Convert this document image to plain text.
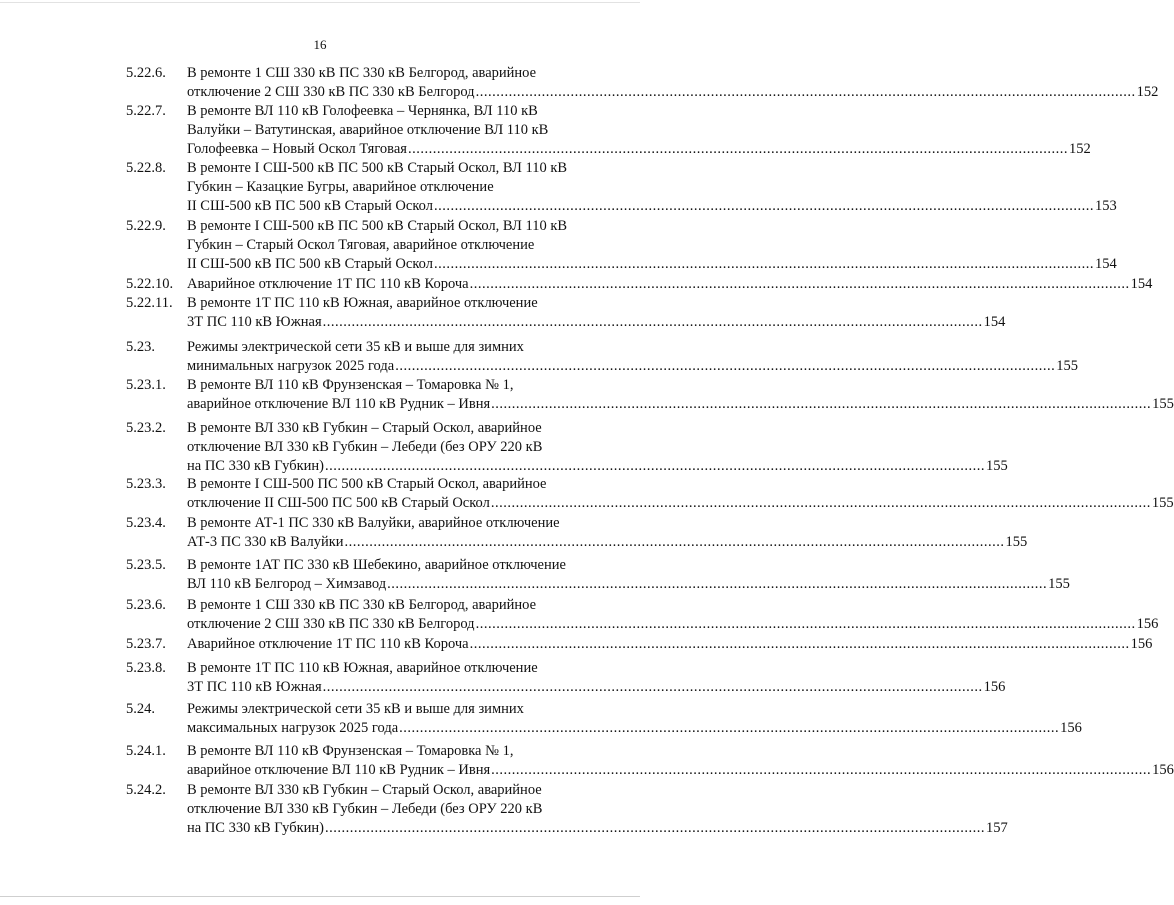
16
5.22.6. В ремонте 1 СШ 330 кВ ПС 330 кВ Белгород, аварийное
отключение 2 СШ 330 кВ ПС 330 кВ Белгород ................................................................................................................................................................ 152
5.22.7. В ремонте ВЛ 110 кВ Голофеевка – Чернянка, ВЛ 110 кВ
Валуйки – Ватутинская, аварийное отключение ВЛ 110 кВ
Голофеевка – Новый Оскол Тяговая ................................................................................................................................................................ 152
5.22.8. В ремонте I СШ-500 кВ ПС 500 кВ Старый Оскол, ВЛ 110 кВ
Губкин – Казацкие Бугры, аварийное отключение
II СШ-500 кВ ПС 500 кВ Старый Оскол ................................................................................................................................................................ 153
5.22.9. В ремонте I СШ-500 кВ ПС 500 кВ Старый Оскол, ВЛ 110 кВ
Губкин – Старый Оскол Тяговая, аварийное отключение
II СШ-500 кВ ПС 500 кВ Старый Оскол ................................................................................................................................................................ 154
5.22.10. Аварийное отключение 1Т ПС 110 кВ Короча ................................................................................................................................................................ 154
5.22.11. В ремонте 1Т ПС 110 кВ Южная, аварийное отключение
3Т ПС 110 кВ Южная ................................................................................................................................................................ 154
5.23. Режимы электрической сети 35 кВ и выше для зимних
минимальных нагрузок 2025 года ................................................................................................................................................................ 155
5.23.1. В ремонте ВЛ 110 кВ Фрунзенская – Томаровка № 1,
аварийное отключение ВЛ 110 кВ Рудник – Ивня ................................................................................................................................................................ 155
5.23.2. В ремонте ВЛ 330 кВ Губкин – Старый Оскол, аварийное
отключение ВЛ 330 кВ Губкин – Лебеди (без ОРУ 220 кВ
на ПС 330 кВ Губкин) ................................................................................................................................................................ 155
5.23.3. В ремонте I СШ-500 ПС 500 кВ Старый Оскол, аварийное
отключение II СШ-500 ПС 500 кВ Старый Оскол ................................................................................................................................................................ 155
5.23.4. В ремонте АТ-1 ПС 330 кВ Валуйки, аварийное отключение
АТ-3 ПС 330 кВ Валуйки ................................................................................................................................................................ 155
5.23.5. В ремонте 1АТ ПС 330 кВ Шебекино, аварийное отключение
ВЛ 110 кВ Белгород – Химзавод ................................................................................................................................................................ 155
5.23.6. В ремонте 1 СШ 330 кВ ПС 330 кВ Белгород, аварийное
отключение 2 СШ 330 кВ ПС 330 кВ Белгород ................................................................................................................................................................ 156
5.23.7. Аварийное отключение 1Т ПС 110 кВ Короча ................................................................................................................................................................ 156
5.23.8. В ремонте 1Т ПС 110 кВ Южная, аварийное отключение
3Т ПС 110 кВ Южная ................................................................................................................................................................ 156
5.24. Режимы электрической сети 35 кВ и выше для зимних
максимальных нагрузок 2025 года ................................................................................................................................................................ 156
5.24.1. В ремонте ВЛ 110 кВ Фрунзенская – Томаровка № 1,
аварийное отключение ВЛ 110 кВ Рудник – Ивня ................................................................................................................................................................ 156
5.24.2. В ремонте ВЛ 330 кВ Губкин – Старый Оскол, аварийное
отключение ВЛ 330 кВ Губкин – Лебеди (без ОРУ 220 кВ
на ПС 330 кВ Губкин) ................................................................................................................................................................ 157
